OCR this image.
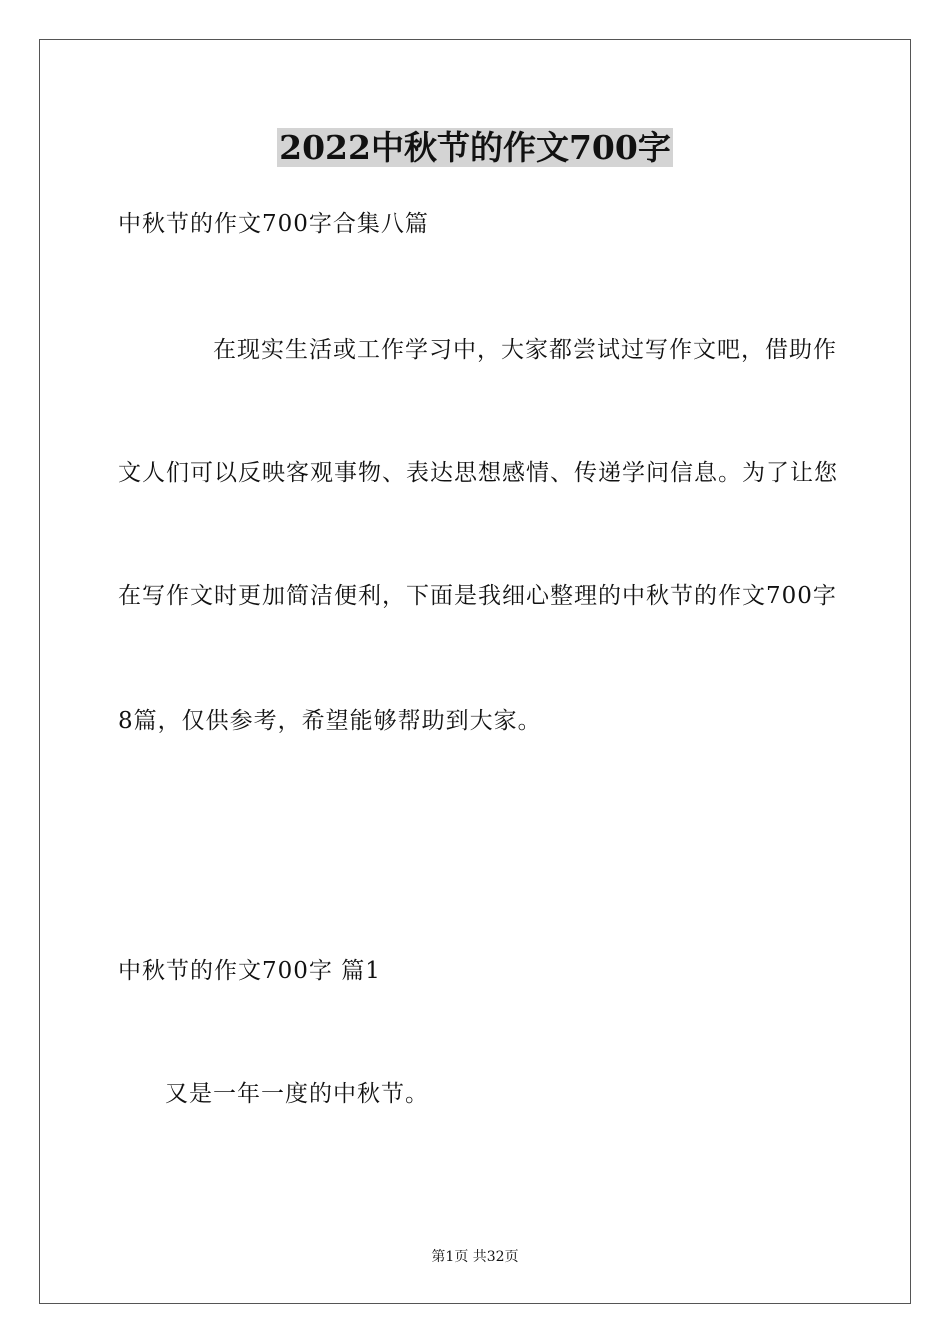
2022中秋节的作文700字
中秋节的作文700字合集八篇
在现实生活或工作学习中，大家都尝试过写作文吧，借助作
文人们可以反映客观事物、表达思想感情、传递学问信息。为了让您
在写作文时更加简洁便利，下面是我细心整理的中秋节的作文700字
8篇，仅供参考，希望能够帮助到大家。
中秋节的作文700字 篇1
又是一年一度的中秋节。
第1页 共32页
